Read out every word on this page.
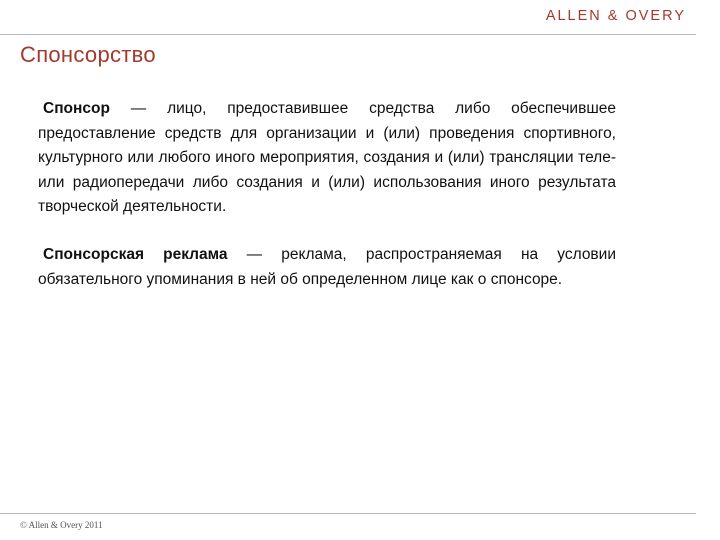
ALLEN & OVERY
Спонсорство

Спонсор — лицо, предоставившее средства либо обеспечившее предоставление средств для организации и (или) проведения спортивного, культурного или любого иного мероприятия, создания и (или) трансляции теле- или радиопередачи либо создания и (или) использования иного результата творческой деятельности.

Спонсорская реклама — реклама, распространяемая на условии обязательного упоминания в ней об определенном лице как о спонсоре.

© Allen & Overy 2011
